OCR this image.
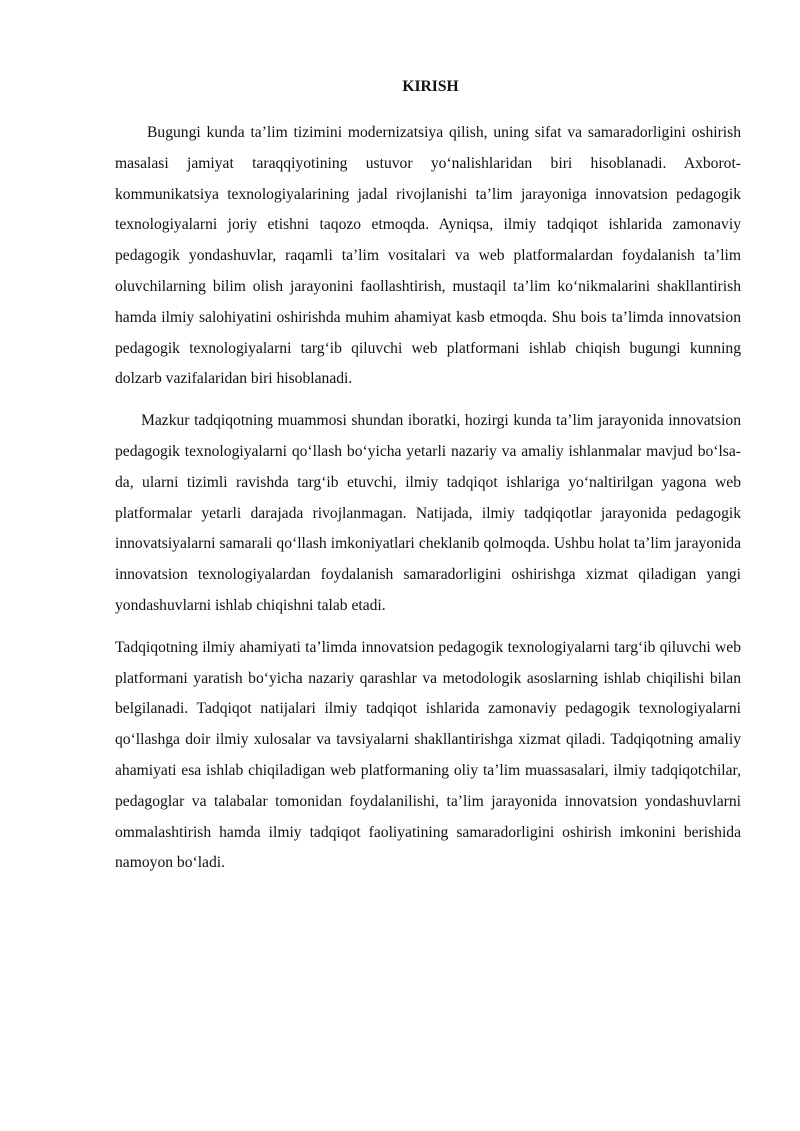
KIRISH

Bugungi kunda ta’lim tizimini modernizatsiya qilish, uning sifat va samaradorligini oshirish masalasi jamiyat taraqqiyotining ustuvor yo‘nalishlaridan biri hisoblanadi. Axborot-kommunikatsiya texnologiyalarining jadal rivojlanishi ta’lim jarayoniga innovatsion pedagogik texnologiyalarni joriy etishni taqozo etmoqda. Ayniqsa, ilmiy tadqiqot ishlarida zamonaviy pedagogik yondashuvlar, raqamli ta’lim vositalari va web platformalardan foydalanish ta’lim oluvchilarning bilim olish jarayonini faollashtirish, mustaqil ta’lim ko‘nikmalarini shakllantirish hamda ilmiy salohiyatini oshirishda muhim ahamiyat kasb etmoqda. Shu bois ta’limda innovatsion pedagogik texnologiyalarni targ‘ib qiluvchi web platformani ishlab chiqish bugungi kunning dolzarb vazifalaridan biri hisoblanadi.

Mazkur tadqiqotning muammosi shundan iboratki, hozirgi kunda ta’lim jarayonida innovatsion pedagogik texnologiyalarni qo‘llash bo‘yicha yetarli nazariy va amaliy ishlanmalar mavjud bo‘lsa-da, ularni tizimli ravishda targ‘ib etuvchi, ilmiy tadqiqot ishlariga yo‘naltirilgan yagona web platformalar yetarli darajada rivojlanmagan. Natijada, ilmiy tadqiqotlar jarayonida pedagogik innovatsiyalarni samarali qo‘llash imkoniyatlari cheklanib qolmoqda. Ushbu holat ta’lim jarayonida innovatsion texnologiyalardan foydalanish samaradorligini oshirishga xizmat qiladigan yangi yondashuvlarni ishlab chiqishni talab etadi.

Tadqiqotning ilmiy ahamiyati ta’limda innovatsion pedagogik texnologiyalarni targ‘ib qiluvchi web platformani yaratish bo‘yicha nazariy qarashlar va metodologik asoslarning ishlab chiqilishi bilan belgilanadi. Tadqiqot natijalari ilmiy tadqiqot ishlarida zamonaviy pedagogik texnologiyalarni qo‘llashga doir ilmiy xulosalar va tavsiyalarni shakllantirishga xizmat qiladi. Tadqiqotning amaliy ahamiyati esa ishlab chiqiladigan web platformaning oliy ta’lim muassasalari, ilmiy tadqiqotchilar, pedagoglar va talabalar tomonidan foydalanilishi, ta’lim jarayonida innovatsion yondashuvlarni ommalashtirish hamda ilmiy tadqiqot faoliyatining samaradorligini oshirish imkonini berishida namoyon bo‘ladi.
